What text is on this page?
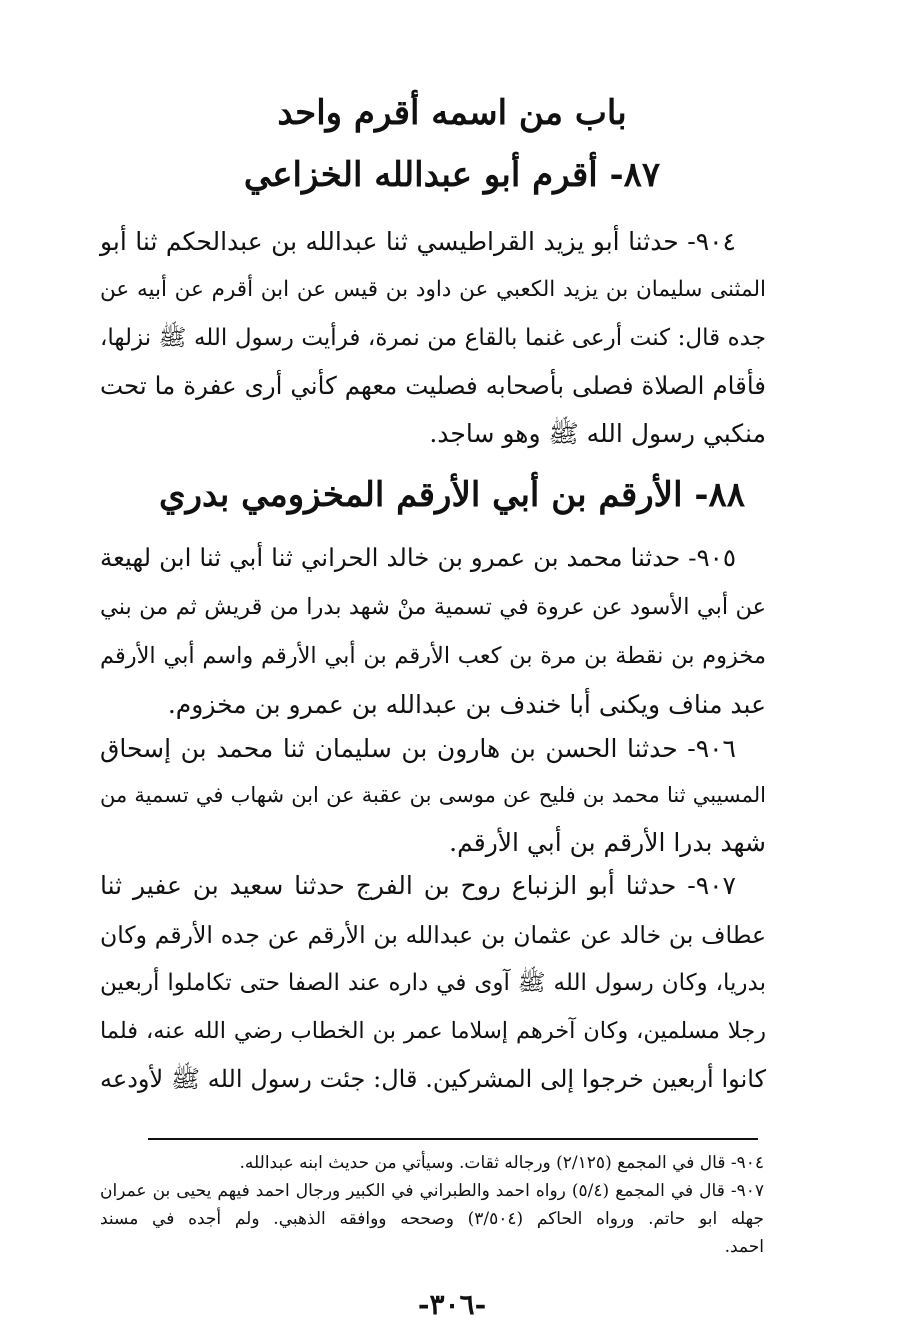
باب من اسمه أقرم واحد
٨٧- أقرم أبو عبدالله الخزاعي
٩٠٤- حدثنا أبو يزيد القراطيسي ثنا عبدالله بن عبدالحكم ثنا أبو
المثنى سليمان بن يزيد الكعبي عن داود بن قيس عن ابن أقرم عن أبيه عن
جده قال: كنت أرعى غنما بالقاع من نمرة، فرأيت رسول الله ﷺ نزلها،
فأقام الصلاة فصلى بأصحابه فصليت معهم كأني أرى عفرة ما تحت
منكبي رسول الله ﷺ وهو ساجد.
٨٨- الأرقم بن أبي الأرقم المخزومي بدري
٩٠٥- حدثنا محمد بن عمرو بن خالد الحراني ثنا أبي ثنا ابن لهيعة
عن أبي الأسود عن عروة في تسمية منْ شهد بدرا من قريش ثم من بني
مخزوم بن نقطة بن مرة بن كعب الأرقم بن أبي الأرقم واسم أبي الأرقم
عبد مناف ويكنى أبا خندف بن عبدالله بن عمرو بن مخزوم.
٩٠٦- حدثنا الحسن بن هارون بن سليمان ثنا محمد بن إسحاق
المسيبي ثنا محمد بن فليح عن موسى بن عقبة عن ابن شهاب في تسمية من
شهد بدرا الأرقم بن أبي الأرقم.
٩٠٧- حدثنا أبو الزنباع روح بن الفرج حدثنا سعيد بن عفير ثنا
عطاف بن خالد عن عثمان بن عبدالله بن الأرقم عن جده الأرقم وكان
بدريا، وكان رسول الله ﷺ آوى في داره عند الصفا حتى تكاملوا أربعين
رجلا مسلمين، وكان آخرهم إسلاما عمر بن الخطاب رضي الله عنه، فلما
كانوا أربعين خرجوا إلى المشركين. قال: جئت رسول الله ﷺ لأودعه
٩٠٤- قال في المجمع (٢/١٢٥) ورجاله ثقات. وسيأتي من حديث ابنه عبدالله.
٩٠٧- قال في المجمع (٥/٤) رواه احمد والطبراني في الكبير ورجال احمد فيهم يحيى بن عمران
جهله ابو حاتم. ورواه الحاكم (٣/٥٠٤) وصححه ووافقه الذهبي. ولم أجده في مسند
احمد.
-٣٠٦-
